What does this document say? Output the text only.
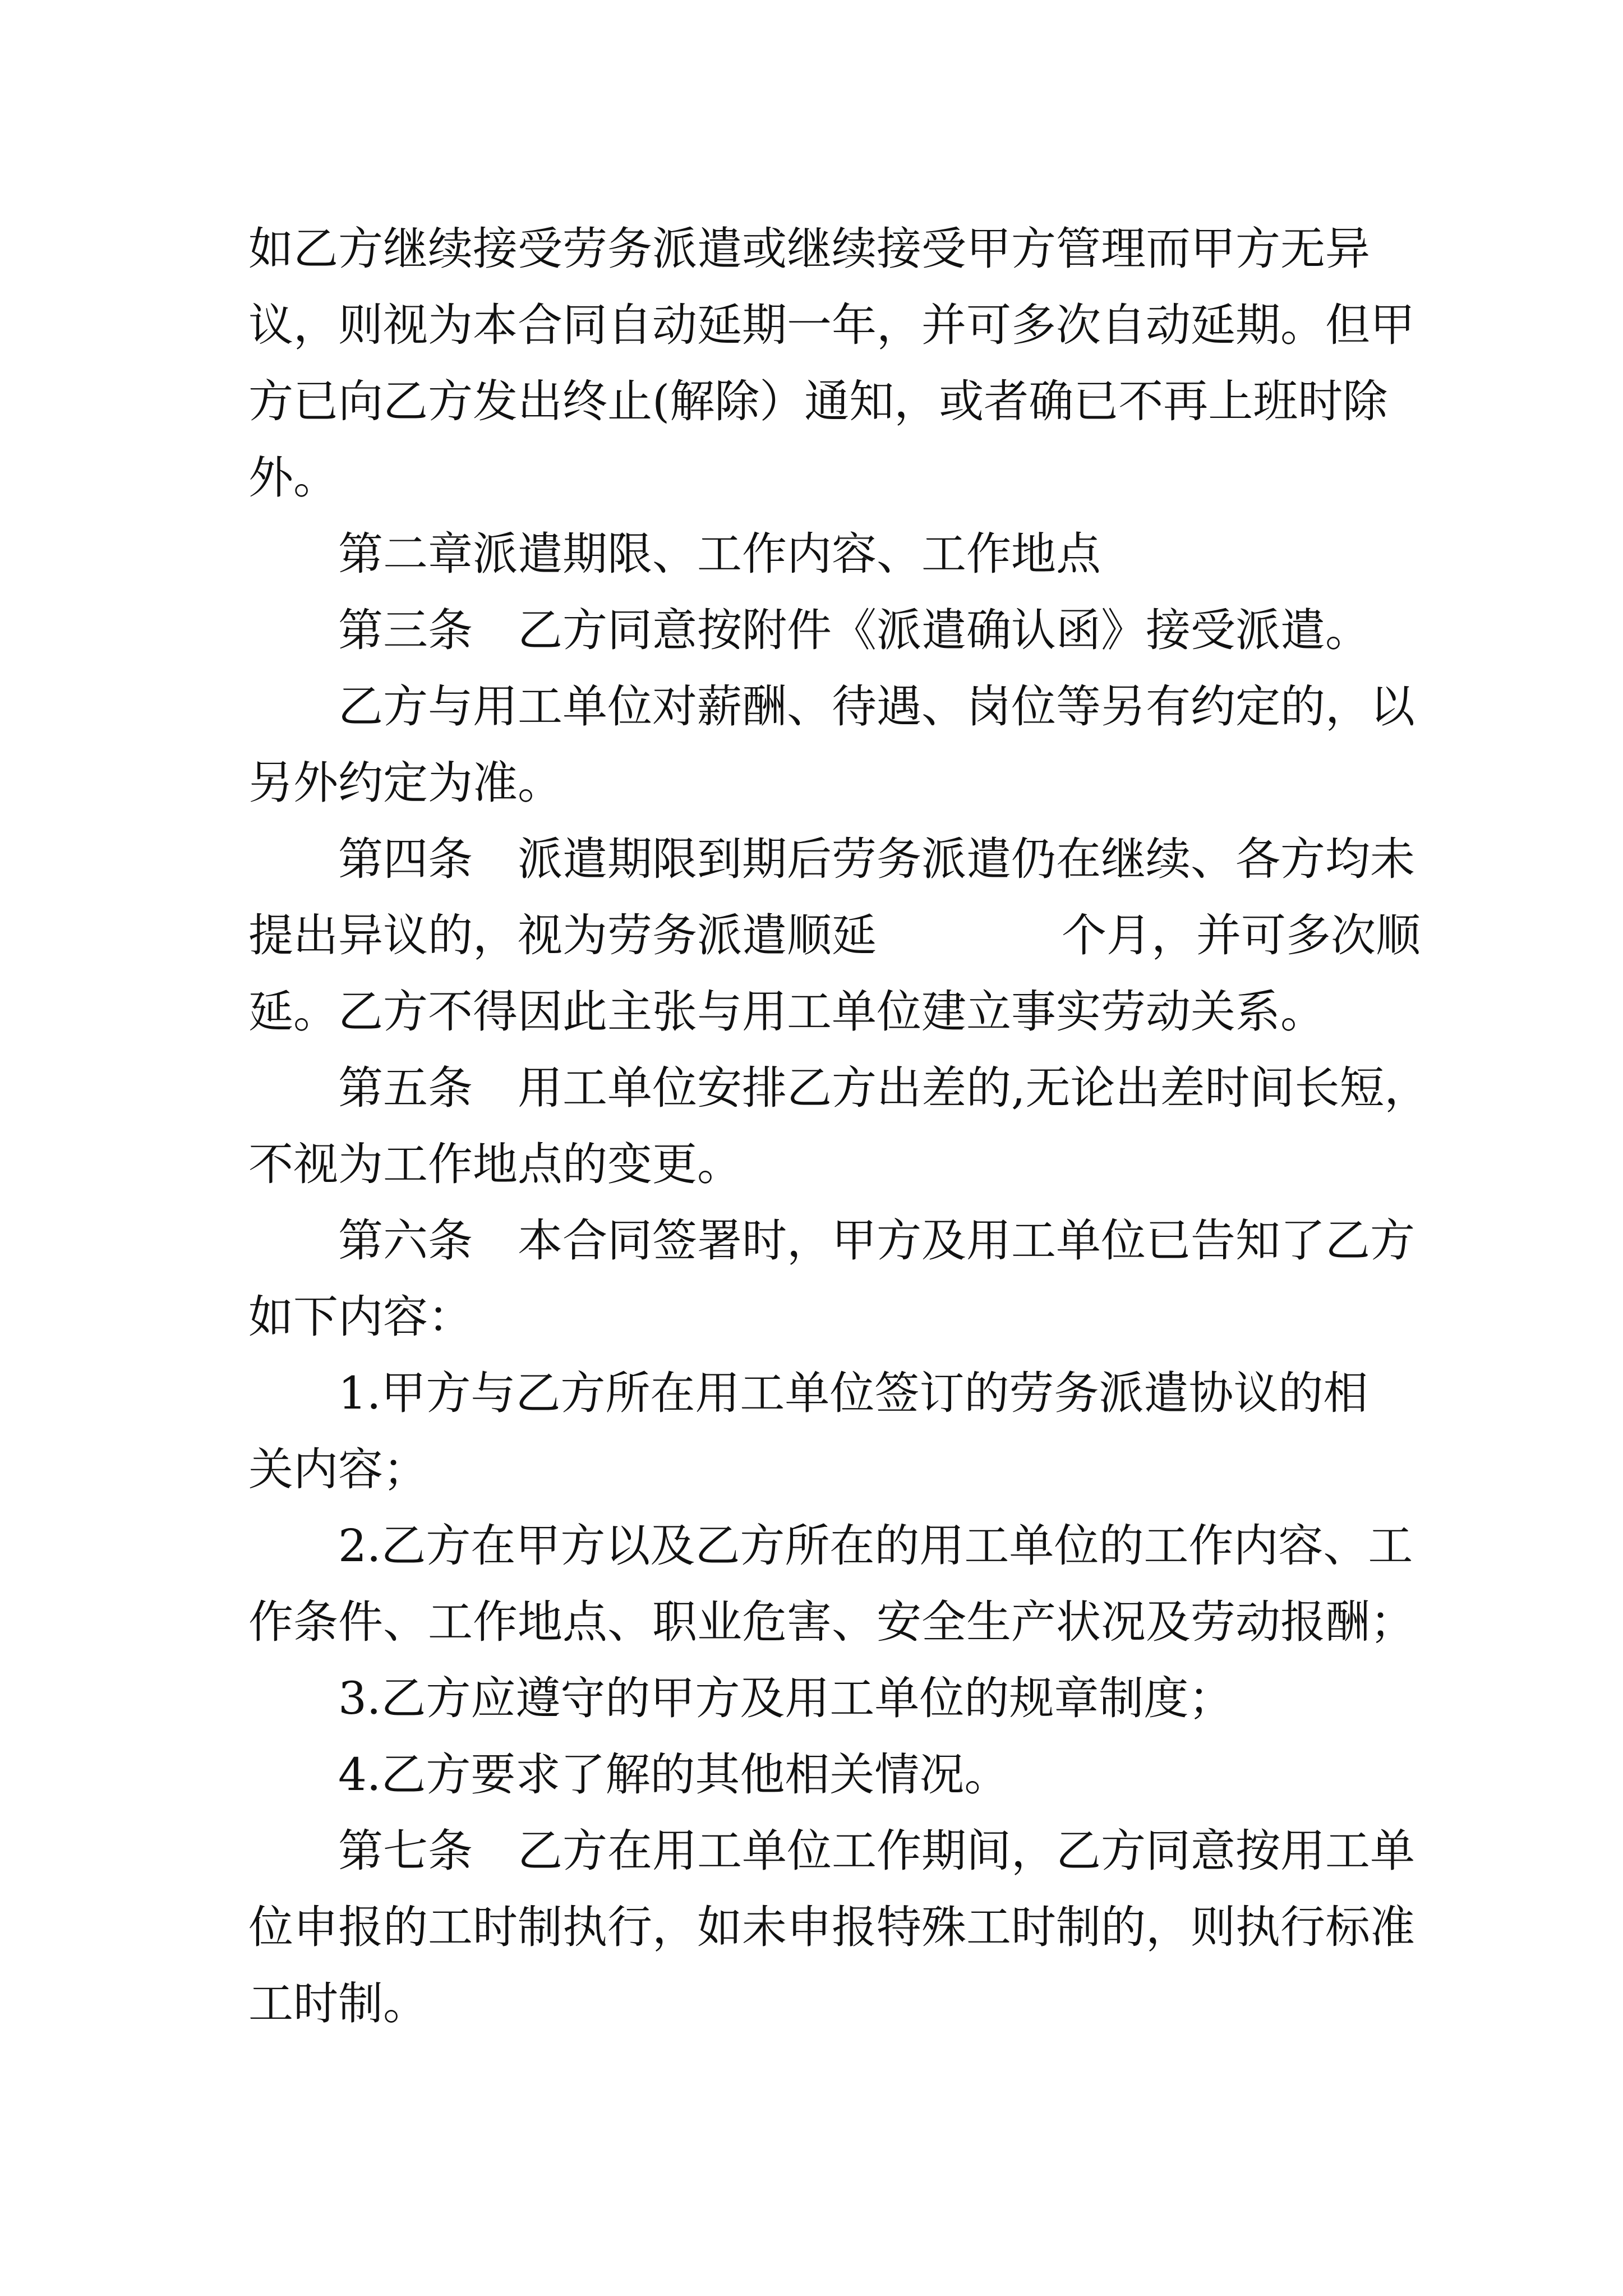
如乙方继续接受劳务派遣或继续接受甲方管理而甲方无异
议，则视为本合同自动延期一年，并可多次自动延期。但甲
方已向乙方发出终止(解除）通知，或者确已不再上班时除
外。
第二章派遣期限、工作内容、工作地点
第三条　乙方同意按附件《派遣确认函》接受派遣。
乙方与用工单位对薪酬、待遇、岗位等另有约定的，以
另外约定为准。
第四条　派遣期限到期后劳务派遣仍在继续、各方均未
提出异议的，视为劳务派遣顺延	个月，并可多次顺
延。乙方不得因此主张与用工单位建立事实劳动关系。
第五条　用工单位安排乙方出差的,无论出差时间长短，
不视为工作地点的变更。
第六条　本合同签署时，甲方及用工单位已告知了乙方
如下内容：
1.甲方与乙方所在用工单位签订的劳务派遣协议的相
关内容；
2.乙方在甲方以及乙方所在的用工单位的工作内容、工
作条件、工作地点、职业危害、安全生产状况及劳动报酬；
3.乙方应遵守的甲方及用工单位的规章制度；
4.乙方要求了解的其他相关情况。
第七条　乙方在用工单位工作期间，乙方同意按用工单
位申报的工时制执行，如未申报特殊工时制的，则执行标准
工时制。
